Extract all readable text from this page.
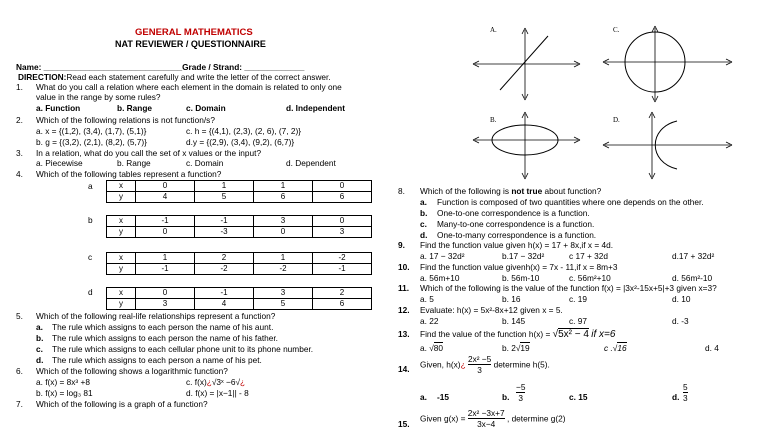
GENERAL MATHEMATICS
NAT REVIEWER / QUESTIONNAIRE
Name: ______________________________Grade / Strand: _____________
DIRECTION:Read each statement carefully and write the letter of the correct answer.
1. What do you call a relation where each element in the domain is related to only one
value in the range by some rules?
a. Function	b. Range	c. Domain	d. Independent
2. Which of the following relations is not function/s?
a. x = {(1,2), (3,4), (1,7), (5,1)}	c. h = {(4,1), (2,3), (2, 6), (7, 2)}
b. g = {(3,2), (2,1), (8,2), (5,7)}	d.y = {(2,9), (3,4), (9,2), (6,7)}
3. In a relation, what do you call the set of x values or the input?
a. Piecewise	b. Range	c. Domain	d. Dependent
4. Which of the following tables represent a function?
a	x	0	1	1	0
y	4	5	6	6
b	x	-1	-1	3	0
y	0	-3	0	3
c	x	1	2	1	-2
y	-1	-2	-2	-1
d	x	0	-1	3	2
y	3	4	5	6
5. Which of the following real-life relationships represent a function?
a. The rule which assigns to each person the name of his aunt.
b. The rule which assigns to each person the name of his father.
c. The rule which assigns to each cellular phone unit to its phone number.
d. The rule which assigns to each person a name of his pet.
6. Which of the following shows a logarithmic function?
a. f(x) = 8x³ +8	c. f(x)¿√3ˣ −6√¿
b. f(x) = log₃ 81	d. f(x) = |x−1|| - 8
7. Which of the following is a graph of a function?
A.	C.
B.	D.
8. Which of the following is not true about function?
a. Function is composed of two quantities where one depends on the other.
b. One-to-one correspondence is a function.
c. Many-to-one correspondence is a function.
d. One-to-many correspondence is a function.
9. Find the function value given h(x) = 17 + 8x,if x = 4d.
a. 17 − 32d²	b.17 − 32d²	c 17 + 32d	d.17 + 32d²
10. Find the function value givenh(x) = 7x - 11,if x = 8m+3
a. 56m+10	b. 56m-10	c. 56m²+10	d. 56m²-10
11. Which of the following is the value of the function f(x) = |3x²-15x+5|+3 given x=3?
a. 5	b. 16	c. 19	d. 10
12. Evaluate: h(x) = 5x²-8x+12 given x = 5.
a. 22	b. 145	c. 97	d. -3
13. Find the value of the function h(x) = √5x² − 4 if x=6
a. √80	b. 2√19	c .√16	d. 4
14. Given, h(x)¿ $\frac{\text{2x² −5}}{3}$ determine h(5).
a. -15	b. $\frac{-5}{3}$	c. 15	d. $\frac{5}{3}$
15.
Given $g(x) = \frac{\text{2x² −3x+7}}{3x-4}$ , determine g(2)
